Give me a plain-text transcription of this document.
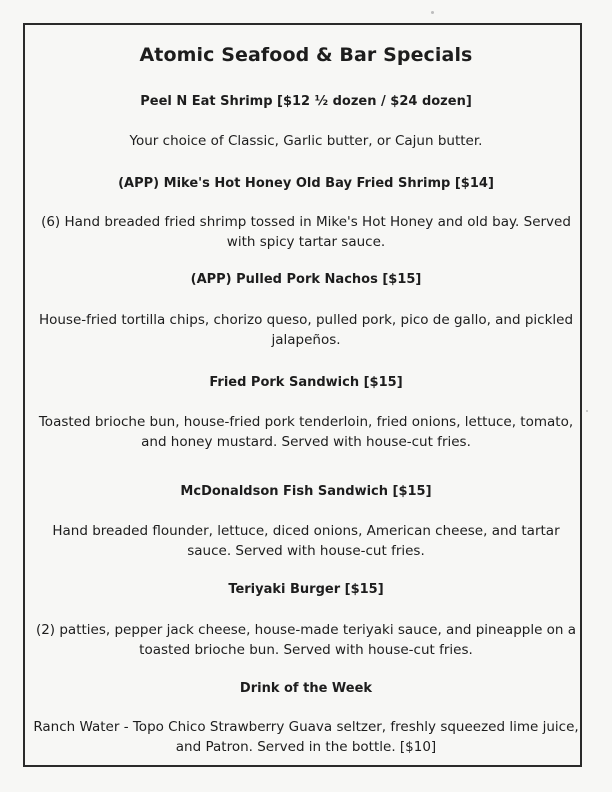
Atomic Seafood & Bar Specials
Peel N Eat Shrimp [$12 ½ dozen / $24 dozen]
Your choice of Classic, Garlic butter, or Cajun butter.
(APP) Mike's Hot Honey Old Bay Fried Shrimp [$14]
(6) Hand breaded fried shrimp tossed in Mike's Hot Honey and old bay. Served with spicy tartar sauce.
(APP) Pulled Pork Nachos [$15]
House-fried tortilla chips, chorizo queso, pulled pork, pico de gallo, and pickled jalapeños.
Fried Pork Sandwich [$15]
Toasted brioche bun, house-fried pork tenderloin, fried onions, lettuce, tomato, and honey mustard. Served with house-cut fries.
McDonaldson Fish Sandwich [$15]
Hand breaded flounder, lettuce, diced onions, American cheese, and tartar sauce. Served with house-cut fries.
Teriyaki Burger [$15]
(2) patties, pepper jack cheese, house-made teriyaki sauce, and pineapple on a toasted brioche bun. Served with house-cut fries.
Drink of the Week
Ranch Water - Topo Chico Strawberry Guava seltzer, freshly squeezed lime juice, and Patron. Served in the bottle. [$10]
